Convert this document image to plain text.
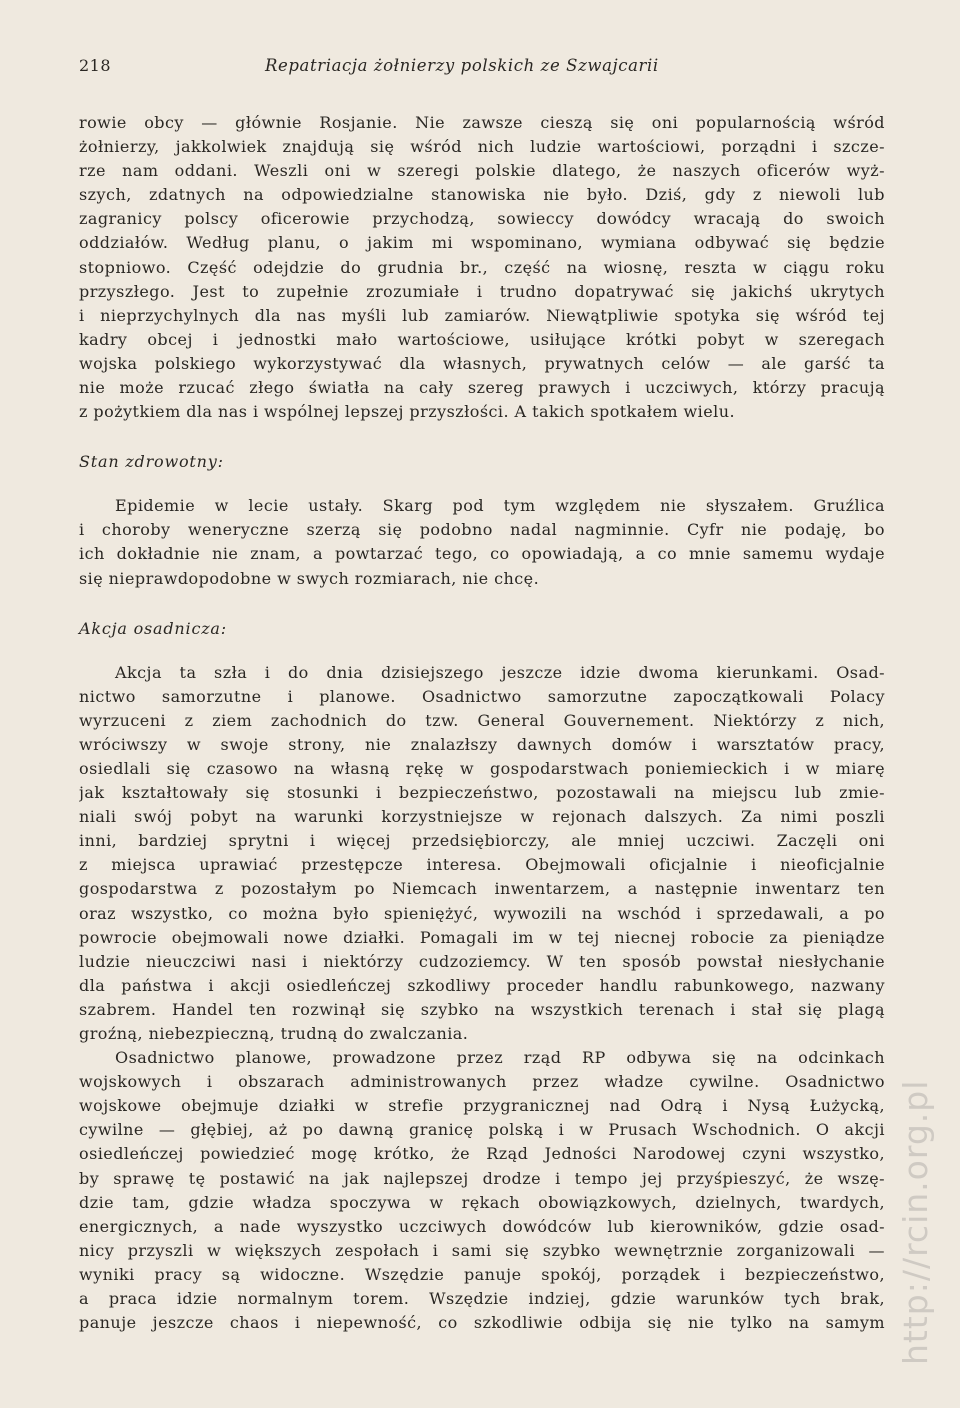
218	Repatriacja żołnierzy polskich ze Szwajcarii
rowie obcy — głównie Rosjanie. Nie zawsze cieszą się oni popularnością wśród
żołnierzy, jakkolwiek znajdują się wśród nich ludzie wartościowi, porządni i szcze-
rze nam oddani. Weszli oni w szeregi polskie dlatego, że naszych oficerów wyż-
szych, zdatnych na odpowiedzialne stanowiska nie było. Dziś, gdy z niewoli lub
zagranicy polscy oficerowie przychodzą, sowieccy dowódcy wracają do swoich
oddziałów. Według planu, o jakim mi wspominano, wymiana odbywać się będzie
stopniowo. Część odejdzie do grudnia br., część na wiosnę, reszta w ciągu roku
przyszłego. Jest to zupełnie zrozumiałe i trudno dopatrywać się jakichś ukrytych
i nieprzychylnych dla nas myśli lub zamiarów. Niewątpliwie spotyka się wśród tej
kadry obcej i jednostki mało wartościowe, usiłujące krótki pobyt w szeregach
wojska polskiego wykorzystywać dla własnych, prywatnych celów — ale garść ta
nie może rzucać złego światła na cały szereg prawych i uczciwych, którzy pracują
z pożytkiem dla nas i wspólnej lepszej przyszłości. A takich spotkałem wielu.
Stan zdrowotny:
Epidemie w lecie ustały. Skarg pod tym względem nie słyszałem. Gruźlica
i choroby weneryczne szerzą się podobno nadal nagminnie. Cyfr nie podaję, bo
ich dokładnie nie znam, a powtarzać tego, co opowiadają, a co mnie samemu wydaje
się nieprawdopodobne w swych rozmiarach, nie chcę.
Akcja osadnicza:
Akcja ta szła i do dnia dzisiejszego jeszcze idzie dwoma kierunkami. Osad-
nictwo samorzutne i planowe. Osadnictwo samorzutne zapoczątkowali Polacy
wyrzuceni z ziem zachodnich do tzw. General Gouvernement. Niektórzy z nich,
wróciwszy w swoje strony, nie znalazłszy dawnych domów i warsztatów pracy,
osiedlali się czasowo na własną rękę w gospodarstwach poniemieckich i w miarę
jak kształtowały się stosunki i bezpieczeństwo, pozostawali na miejscu lub zmie-
niali swój pobyt na warunki korzystniejsze w rejonach dalszych. Za nimi poszli
inni, bardziej sprytni i więcej przedsiębiorczy, ale mniej uczciwi. Zaczęli oni
z miejsca uprawiać przestępcze interesa. Obejmowali oficjalnie i nieoficjalnie
gospodarstwa z pozostałym po Niemcach inwentarzem, a następnie inwentarz ten
oraz wszystko, co można było spieniężyć, wywozili na wschód i sprzedawali, a po
powrocie obejmowali nowe działki. Pomagali im w tej niecnej robocie za pieniądze
ludzie nieuczciwi nasi i niektórzy cudzoziemcy. W ten sposób powstał niesłychanie
dla państwa i akcji osiedleńczej szkodliwy proceder handlu rabunkowego, nazwany
szabrem. Handel ten rozwinął się szybko na wszystkich terenach i stał się plagą
groźną, niebezpieczną, trudną do zwalczania.
Osadnictwo planowe, prowadzone przez rząd RP odbywa się na odcinkach
wojskowych i obszarach administrowanych przez władze cywilne. Osadnictwo
wojskowe obejmuje działki w strefie przygranicznej nad Odrą i Nysą Łużycką,
cywilne — głębiej, aż po dawną granicę polską i w Prusach Wschodnich. O akcji
osiedleńczej powiedzieć mogę krótko, że Rząd Jedności Narodowej czyni wszystko,
by sprawę tę postawić na jak najlepszej drodze i tempo jej przyśpieszyć, że wszę-
dzie tam, gdzie władza spoczywa w rękach obowiązkowych, dzielnych, twardych,
energicznych, a nade wyszystko uczciwych dowódców lub kierowników, gdzie osad-
nicy przyszli w większych zespołach i sami się szybko wewnętrznie zorganizowali —
wyniki pracy są widoczne. Wszędzie panuje spokój, porządek i bezpieczeństwo,
a praca idzie normalnym torem. Wszędzie indziej, gdzie warunków tych brak,
panuje jeszcze chaos i niepewność, co szkodliwie odbija się nie tylko na samym http://rcin.org.pl
